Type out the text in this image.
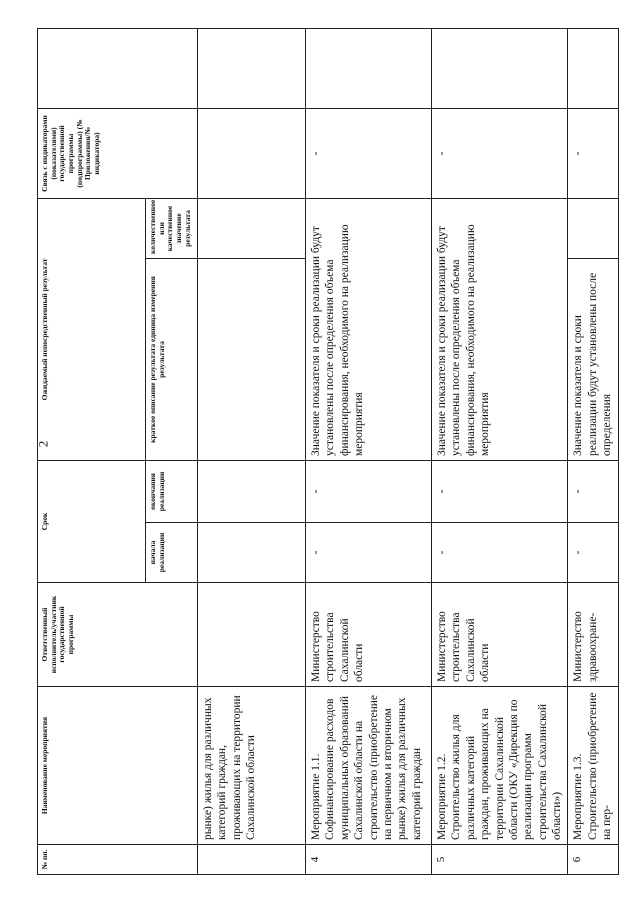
2
№ пп.	Наименование мероприятия	Ответственный исполнитель/участник государственной программы	Срок		Ожидаемый непосредственный результат		Связь с индикаторами (показателями) государственной программы (подпрограммы) (№ Приложения/№ индикатора)	
			начала реализации	окончания реализации	краткое описание результата единица измерения результата	количественное или качественное значение результата		
	рынке) жилья для различных категорий граждан, проживающих на территории Сахалинской области							
4	Мероприятие 1.1. Софинансирование расходов муниципальных образований Сахалинской области на строительство (приобретение на первичном и вторичном рынке) жилья для различных категорий граждан	Министерство строительства Сахалинской области	-	-	Значение показателя и сроки реализации будут установлены после определения объема финансирования, необходимого на реализацию мероприятия		-	
5	Мероприятие 1.2. Строительство жилья для различных категорий граждан, проживающих на территории Сахалинской области (ОКУ «Дирекция по реализации программ строительства Сахалинской области»)	Министерство строительства Сахалинской области	-	-	Значение показателя и сроки реализации будут установлены после определения объема финансирования, необходимого на реализацию мероприятия		-	
6	Мероприятие 1.3. Строительство (приобретение на пер-	Министерство здравоохране-	-	-	Значение показателя и сроки реализации будут установлены после определения		-	
